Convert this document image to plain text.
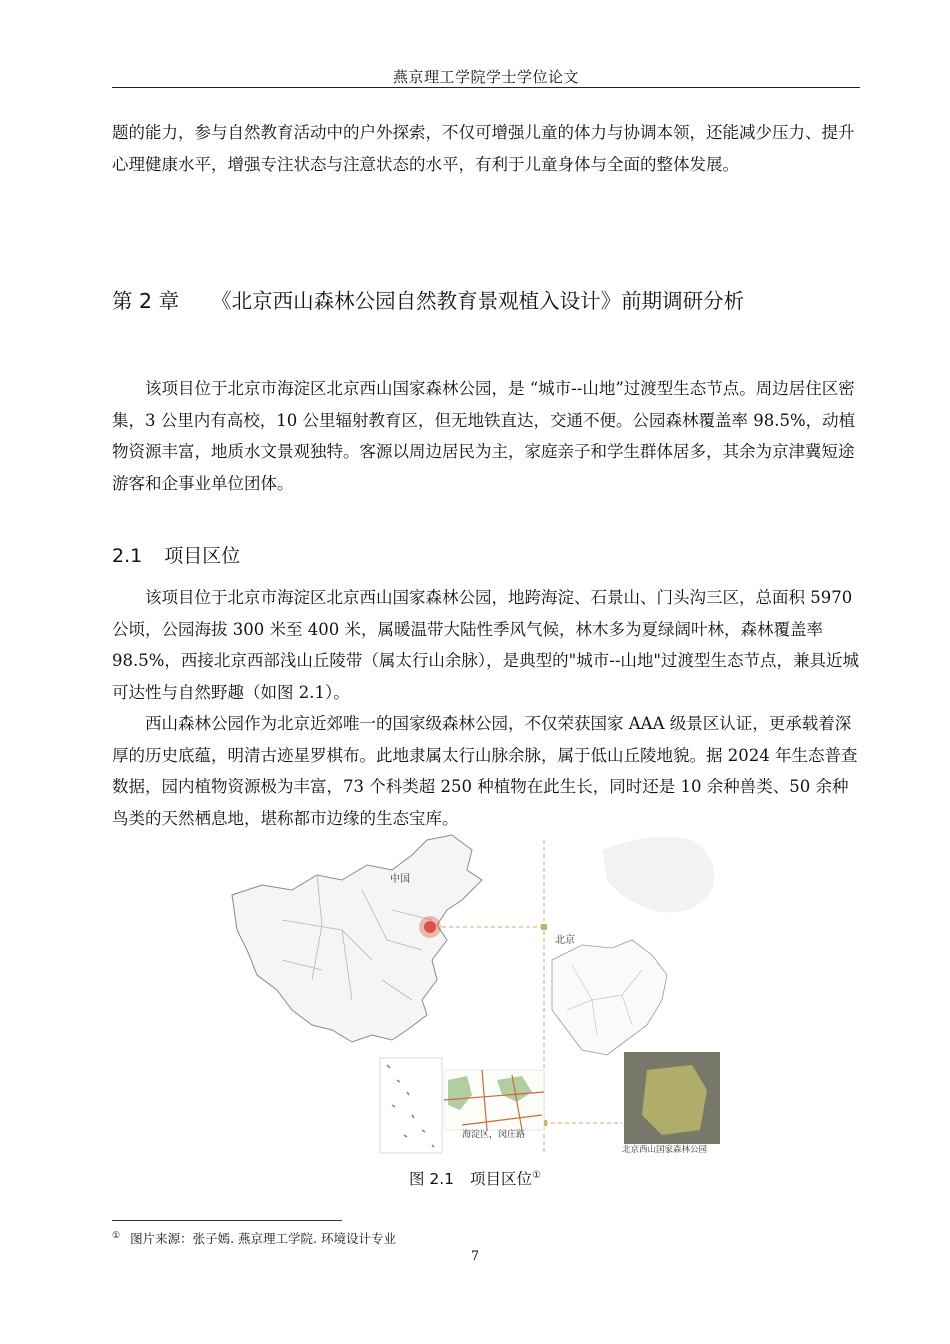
燕京理工学院学士学位论文

题的能力，参与自然教育活动中的户外探索，不仅可增强儿童的体力与协调本领，还能减少压力、提升心理健康水平，增强专注状态与注意状态的水平，有利于儿童身体与全面的整体发展。

第 2 章 《北京西山森林公园自然教育景观植入设计》前期调研分析

该项目位于北京市海淀区北京西山国家森林公园，是 “城市--山地”过渡型生态节点。周边居住区密集，3 公里内有高校，10 公里辐射教育区，但无地铁直达，交通不便。公园森林覆盖率 98.5%，动植物资源丰富，地质水文景观独特。客源以周边居民为主，家庭亲子和学生群体居多，其余为京津冀短途游客和企事业单位团体。

2.1 项目区位

该项目位于北京市海淀区北京西山国家森林公园，地跨海淀、石景山、门头沟三区，总面积 5970 公顷，公园海拔 300 米至 400 米，属暖温带大陆性季风气候，林木多为夏绿阔叶林，森林覆盖率 98.5%，西接北京西部浅山丘陵带（属太行山余脉），是典型的"城市--山地"过渡型生态节点，兼具近城可达性与自然野趣（如图 2.1）。

西山森林公园作为北京近郊唯一的国家级森林公园，不仅荣获国家 AAA 级景区认证，更承载着深厚的历史底蕴，明清古迹星罗棋布。此地隶属太行山脉余脉，属于低山丘陵地貌。据 2024 年生态普查数据，园内植物资源极为丰富，73 个科类超 250 种植物在此生长，同时还是 10 余种兽类、50 余种鸟类的天然栖息地，堪称都市边缘的生态宝库。

中国
北京
海淀区，闵庄路
北京西山国家森林公园
图 2.1 项目区位①
① 图片来源：张子嫣. 燕京理工学院. 环境设计专业
7
